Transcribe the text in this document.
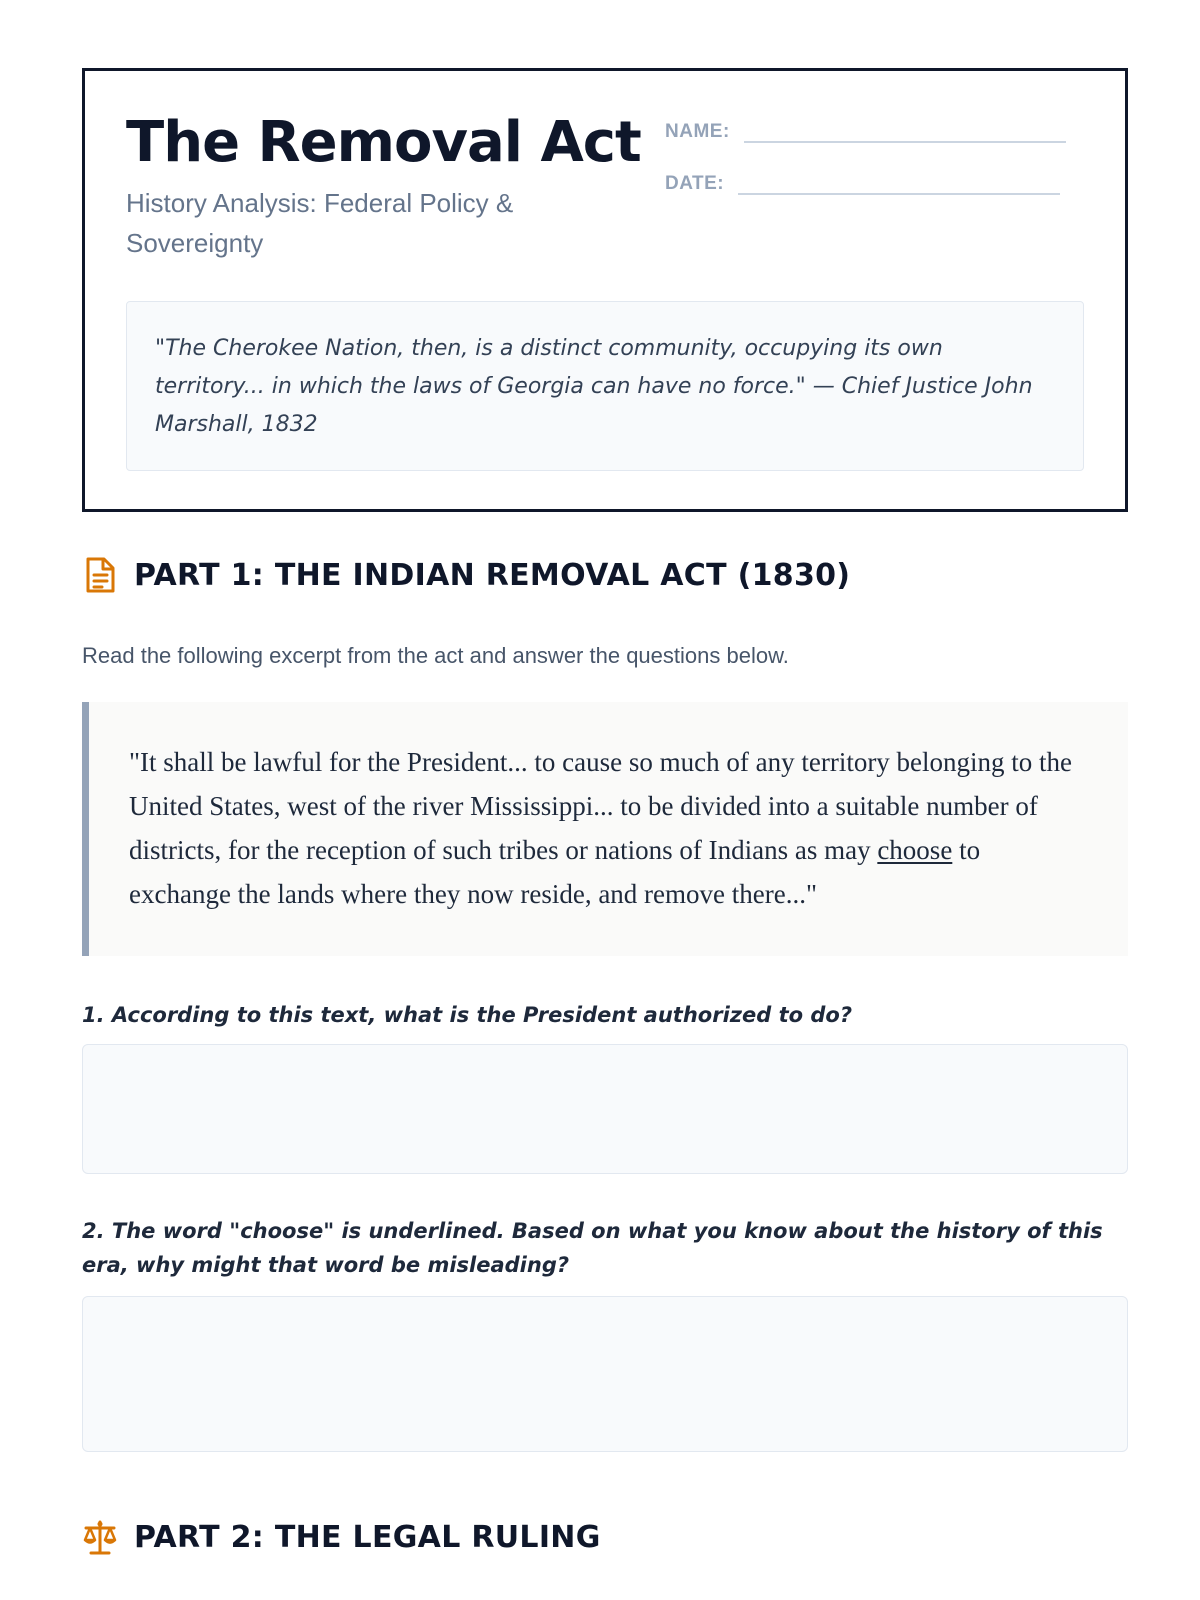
The Removal Act

History Analysis: Federal Policy & Sovereignty

NAME:
DATE:

"The Cherokee Nation, then, is a distinct community, occupying its own territory... in which the laws of Georgia can have no force." — Chief Justice John Marshall, 1832

PART 1: THE INDIAN REMOVAL ACT (1830)

Read the following excerpt from the act and answer the questions below.

"It shall be lawful for the President... to cause so much of any territory belonging to the United States, west of the river Mississippi... to be divided into a suitable number of districts, for the reception of such tribes or nations of Indians as may choose to exchange the lands where they now reside, and remove there..."

1. According to this text, what is the President authorized to do?

2. The word "choose" is underlined. Based on what you know about the history of this era, why might that word be misleading?

PART 2: THE LEGAL RULING
